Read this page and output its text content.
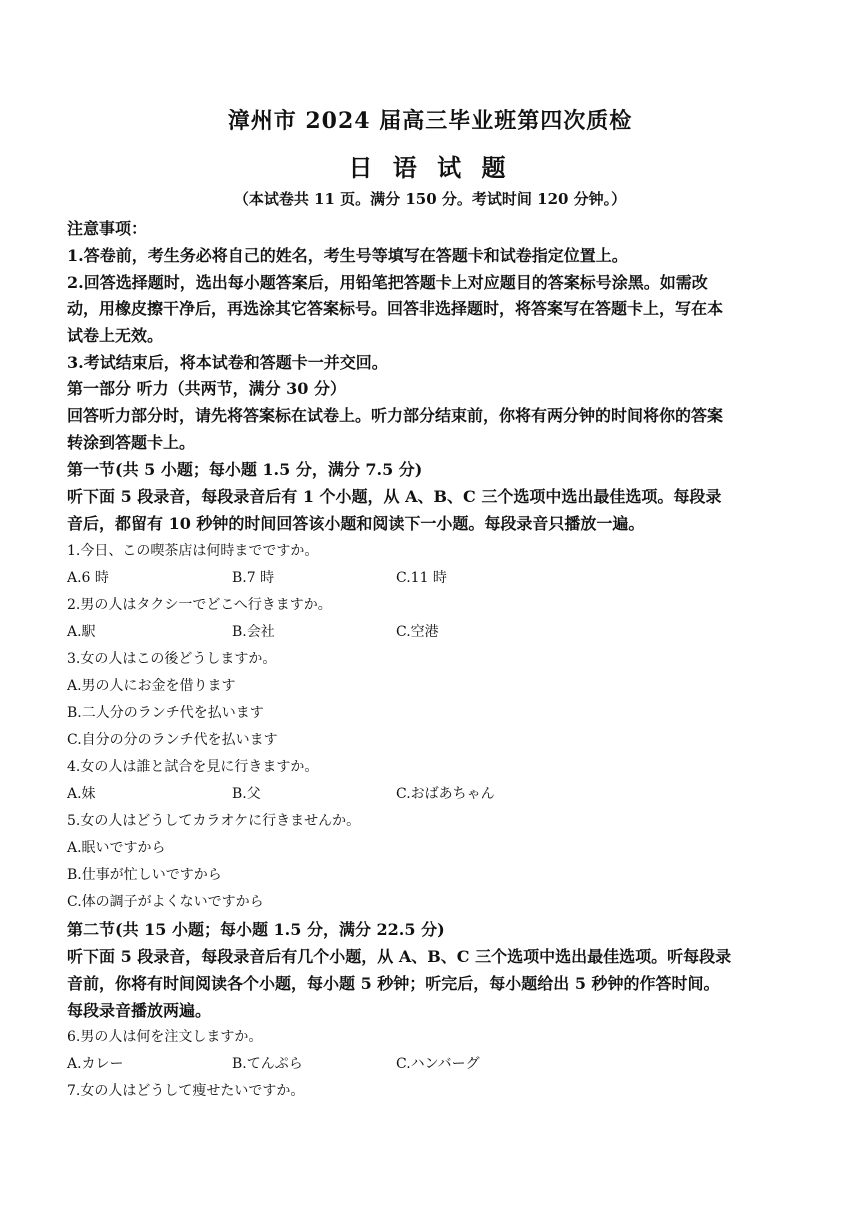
漳州市 2024 届高三毕业班第四次质检
日 语 试 题
（本试卷共 11 页。满分 150 分。考试时间 120 分钟。）
注意事项：
1.答卷前，考生务必将自己的姓名，考生号等填写在答题卡和试卷指定位置上。
2.回答选择题时，选出每小题答案后，用铅笔把答题卡上对应题目的答案标号涂黑。如需改
动，用橡皮擦干净后，再选涂其它答案标号。回答非选择题时，将答案写在答题卡上，写在本
试卷上无效。
3.考试结束后，将本试卷和答题卡一并交回。
第一部分 听力（共两节，满分 30 分）
回答听力部分时，请先将答案标在试卷上。听力部分结束前，你将有两分钟的时间将你的答案
转涂到答题卡上。
第一节(共 5 小题；每小题 1.5 分，满分 7.5 分)
听下面 5 段录音，每段录音后有 1 个小题，从 A、B、C 三个选项中选出最佳选项。每段录
音后，都留有 10 秒钟的时间回答该小题和阅读下一小题。每段录音只播放一遍。
1.今日、この喫茶店は何時までですか。
A.6 時	B.7 時	C.11 時
2.男の人はタクシ一でどこへ行きますか。
A.駅	B.会社	C.空港
3.女の人はこの後どうしますか。
A.男の人にお金を借ります
B.二人分のランチ代を払います
C.自分の分のランチ代を払います
4.女の人は誰と試合を見に行きますか。
A.妹	B.父	C.おばあちゃん
5.女の人はどうしてカラオケに行きませんか。
A.眠いですから
B.仕事が忙しいですから
C.体の調子がよくないですから
第二节(共 15 小题；每小题 1.5 分，满分 22.5 分)
听下面 5 段录音，每段录音后有几个小题，从 A、B、C 三个选项中选出最佳选项。听每段录
音前，你将有时间阅读各个小题，每小题 5 秒钟；听完后，每小题给出 5 秒钟的作答时间。
每段录音播放两遍。
6.男の人は何を注文しますか。
A.カレー	B.てんぷら	C.ハンバーグ
7.女の人はどうして痩せたいですか。
